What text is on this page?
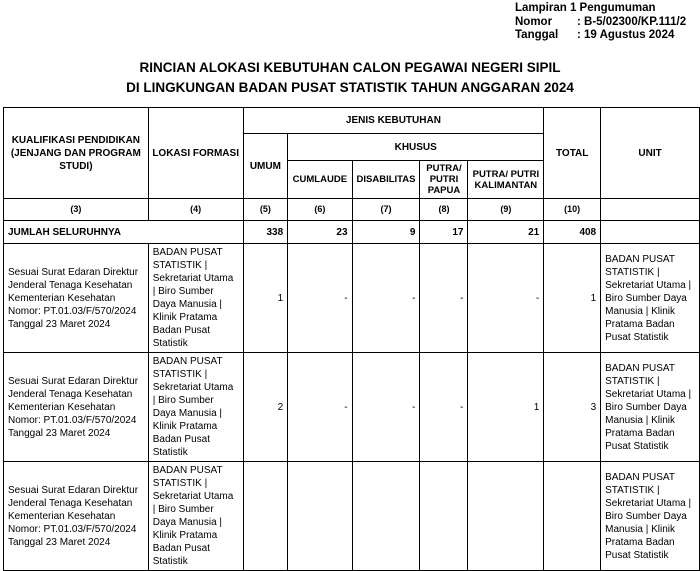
Lampiran 1 Pengumuman
Nomor	: B-5/02300/KP.111/2
Tanggal	: 19 Agustus 2024
RINCIAN ALOKASI KEBUTUHAN CALON PEGAWAI NEGERI SIPIL
DI LINGKUNGAN BADAN PUSAT STATISTIK TAHUN ANGGARAN 2024
KUALIFIKASI PENDIDIKAN (JENJANG DAN PROGRAM STUDI)	LOKASI FORMASI	JENIS KEBUTUHAN					TOTAL	UNIT
		UMUM	KHUSUS					
			CUMLAUDE	DISABILITAS	PUTRA/ PUTRI PAPUA	PUTRA/ PUTRI KALIMANTAN		
(3)	(4)	(5)	(6)	(7)	(8)	(9)	(10)	
JUMLAH SELURUHNYA		338	23	9	17	21	408	
Sesuai Surat Edaran Direktur Jenderal Tenaga Kesehatan Kementerian Kesehatan Nomor: PT.01.03/F/570/2024 Tanggal 23 Maret 2024	BADAN PUSAT STATISTIK | Sekretariat Utama | Biro Sumber Daya Manusia | Klinik Pratama Badan Pusat Statistik	1	-	-	-	-	1	BADAN PUSAT STATISTIK | Sekretariat Utama | Biro Sumber Daya Manusia | Klinik Pratama Badan Pusat Statistik
Sesuai Surat Edaran Direktur Jenderal Tenaga Kesehatan Kementerian Kesehatan Nomor: PT.01.03/F/570/2024 Tanggal 23 Maret 2024	BADAN PUSAT STATISTIK | Sekretariat Utama | Biro Sumber Daya Manusia | Klinik Pratama Badan Pusat Statistik	2	-	-	-	1	3	BADAN PUSAT STATISTIK | Sekretariat Utama | Biro Sumber Daya Manusia | Klinik Pratama Badan Pusat Statistik
Sesuai Surat Edaran Direktur Jenderal Tenaga Kesehatan Kementerian Kesehatan Nomor: PT.01.03/F/570/2024 Tanggal 23 Maret 2024	BADAN PUSAT STATISTIK | Sekretariat Utama | Biro Sumber Daya Manusia | Klinik Pratama Badan Pusat Statistik							BADAN PUSAT STATISTIK | Sekretariat Utama | Biro Sumber Daya Manusia | Klinik Pratama Badan Pusat Statistik
